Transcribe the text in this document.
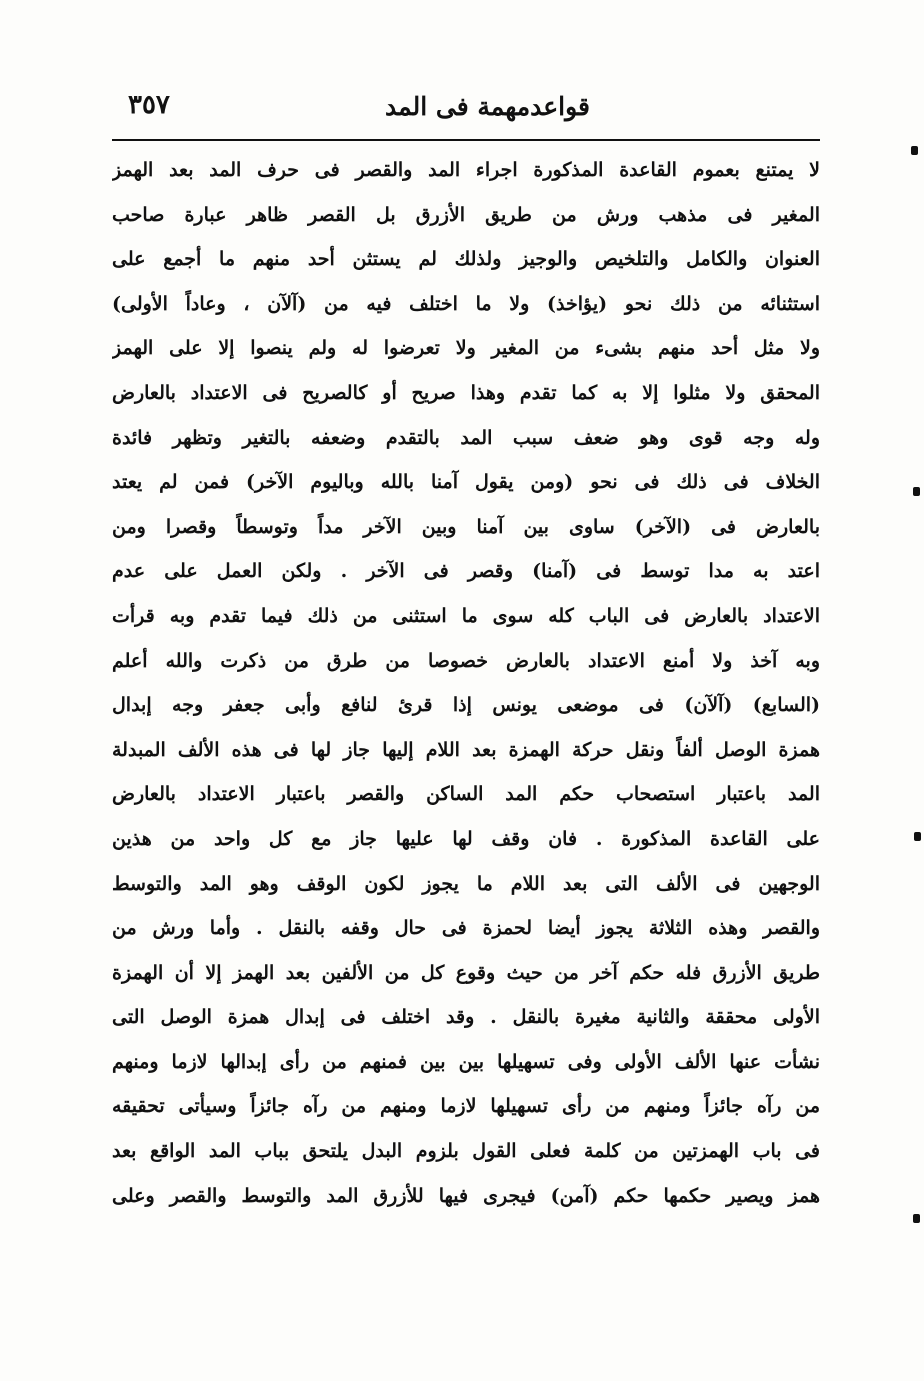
قواعدمهمة فى المد
٣٥٧
لا يمتنع بعموم القاعدة المذكورة اجراء المد والقصر فى حرف المد بعد الهمز
المغير فى مذهب ورش من طريق الأزرق بل القصر ظاهر عبارة صاحب
العنوان والكامل والتلخيص والوجيز ولذلك لم يستثن أحد منهم ما أجمع على
استثنائه من ذلك نحو (يؤاخذ) ولا ما اختلف فيه من (آلآن ، وعاداً الأولى)
ولا مثل أحد منهم بشىء من المغير ولا تعرضوا له ولم ينصوا إلا على الهمز
المحقق ولا مثلوا إلا به كما تقدم وهذا صريح أو كالصريح فى الاعتداد بالعارض
وله وجه قوى وهو ضعف سبب المد بالتقدم وضعفه بالتغير وتظهر فائدة
الخلاف فى ذلك فى نحو (ومن يقول آمنا بالله وباليوم الآخر) فمن لم يعتد
بالعارض فى (الآخر) ساوى بين آمنا وبين الآخر مداً وتوسطاً وقصرا ومن
اعتد به مدا توسط فى (آمنا) وقصر فى الآخر . ولكن العمل على عدم
الاعتداد بالعارض فى الباب كله سوى ما استثنى من ذلك فيما تقدم وبه قرأت
وبه آخذ ولا أمنع الاعتداد بالعارض خصوصا من طرق من ذكرت والله أعلم
(السابع) (آلآن) فى موضعى يونس إذا قرئ لنافع وأبى جعفر وجه إبدال
همزة الوصل ألفاً ونقل حركة الهمزة بعد اللام إليها جاز لها فى هذه الألف المبدلة
المد باعتبار استصحاب حكم المد الساكن والقصر باعتبار الاعتداد بالعارض
على القاعدة المذكورة . فان وقف لها عليها جاز مع كل واحد من هذين
الوجهين فى الألف التى بعد اللام ما يجوز لكون الوقف وهو المد والتوسط
والقصر وهذه الثلاثة يجوز أيضا لحمزة فى حال وقفه بالنقل . وأما ورش من
طريق الأزرق فله حكم آخر من حيث وقوع كل من الألفين بعد الهمز إلا أن الهمزة
الأولى محققة والثانية مغيرة بالنقل . وقد اختلف فى إبدال همزة الوصل التى
نشأت عنها الألف الأولى وفى تسهيلها بين بين فمنهم من رأى إبدالها لازما ومنهم
من رآه جائزاً ومنهم من رأى تسهيلها لازما ومنهم من رآه جائزاً وسيأتى تحقيقه
فى باب الهمزتين من كلمة فعلى القول بلزوم البدل يلتحق بباب المد الواقع بعد
همز ويصير حكمها حكم (آمن) فيجرى فيها للأزرق المد والتوسط والقصر وعلى
